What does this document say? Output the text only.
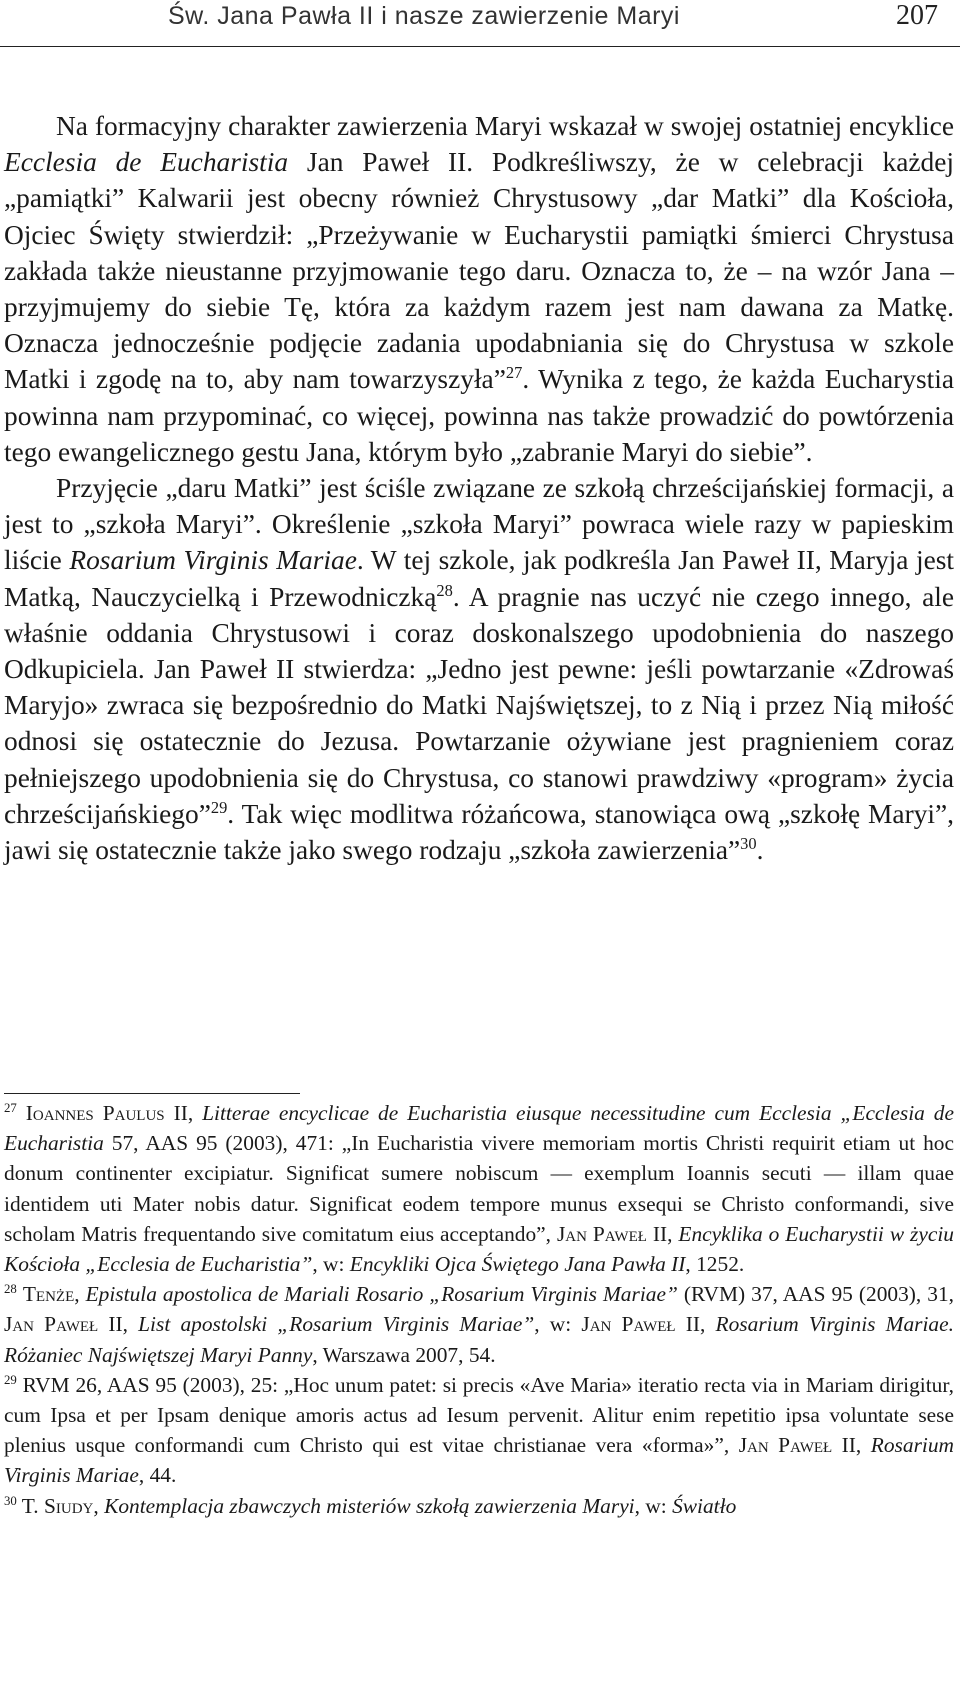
Św. Jana Pawła II i nasze zawierzenie Maryi	207

Na formacyjny charakter zawierzenia Maryi wskazał w swojej ostatniej encyklice Ecclesia de Eucharistia Jan Paweł II. Podkreśliwszy, że w celebracji każdej „pamiątki” Kalwarii jest obecny również Chrystusowy „dar Matki” dla Kościoła, Ojciec Święty stwierdził: „Przeżywanie w Eucharystii pamiątki śmierci Chrystusa zakłada także nieustanne przyjmowanie tego daru. Oznacza to, że – na wzór Jana – przyjmujemy do siebie Tę, która za każdym razem jest nam dawana za Matkę. Oznacza jednocześnie podjęcie zadania upodabniania się do Chrystusa w szkole Matki i zgodę na to, aby nam towarzyszyła”$^{27}$. Wynika z tego, że każda Eucharystia powinna nam przypominać, co więcej, powinna nas także prowadzić do powtórzenia tego ewangelicznego gestu Jana, którym było „zabranie Maryi do siebie”.

Przyjęcie „daru Matki” jest ściśle związane ze szkołą chrześcijańskiej formacji, a jest to „szkoła Maryi”. Określenie „szkoła Maryi” powraca wiele razy w papieskim liście Rosarium Virginis Mariae. W tej szkole, jak podkreśla Jan Paweł II, Maryja jest Matką, Nauczycielką i Przewodniczką$^{28}$. A pragnie nas uczyć nie czego innego, ale właśnie oddania Chrystusowi i coraz doskonalszego upodobnienia do naszego Odkupiciela. Jan Paweł II stwierdza: „Jedno jest pewne: jeśli powtarzanie «Zdrowaś Maryjo» zwraca się bezpośrednio do Matki Najświętszej, to z Nią i przez Nią miłość odnosi się ostatecznie do Jezusa. Powtarzanie ożywiane jest pragnieniem coraz pełniejszego upodobnienia się do Chrystusa, co stanowi prawdziwy «program» życia chrześcijańskiego”$^{29}$. Tak więc modlitwa różańcowa, stanowiąca ową „szkołę Maryi”, jawi się ostatecznie także jako swego rodzaju „szkoła zawierzenia”$^{30}$.

$^{27}$ Ioannes Paulus II, Litterae encyclicae de Eucharistia eiusque necessitudine cum Ecclesia „Ecclesia de Eucharistia 57, AAS 95 (2003), 471: „In Eucharistia vivere memoriam mortis Christi requirit etiam ut hoc donum continenter excipiatur. Significat sumere nobiscum — exemplum Ioannis secuti — illam quae identidem uti Mater nobis datur. Significat eodem tempore munus exsequi se Christo conformandi, sive scholam Matris frequentando sive comitatum eius acceptando”, Jan Paweł II, Encyklika o Eucharystii w życiu Kościoła „Ecclesia de Eucharistia”, w: Encykliki Ojca Świętego Jana Pawła II, 1252.

$^{28}$ Tenże, Epistula apostolica de Mariali Rosario „Rosarium Virginis Mariae” (RVM) 37, AAS 95 (2003), 31, Jan Paweł II, List apostolski „Rosarium Virginis Mariae”, w: Jan Paweł II, Rosarium Virginis Mariae. Różaniec Najświętszej Maryi Panny, Warszawa 2007, 54.

$^{29}$ RVM 26, AAS 95 (2003), 25: „Hoc unum patet: si precis «Ave Maria» iteratio recta via in Mariam dirigitur, cum Ipsa et per Ipsam denique amoris actus ad Iesum pervenit. Alitur enim repetitio ipsa voluntate sese plenius usque conformandi cum Christo qui est vitae christianae vera «forma»”, Jan Paweł II, Rosarium Virginis Mariae, 44.

$^{30}$ T. Siudy, Kontemplacja zbawczych misteriów szkołą zawierzenia Maryi, w: Światło
